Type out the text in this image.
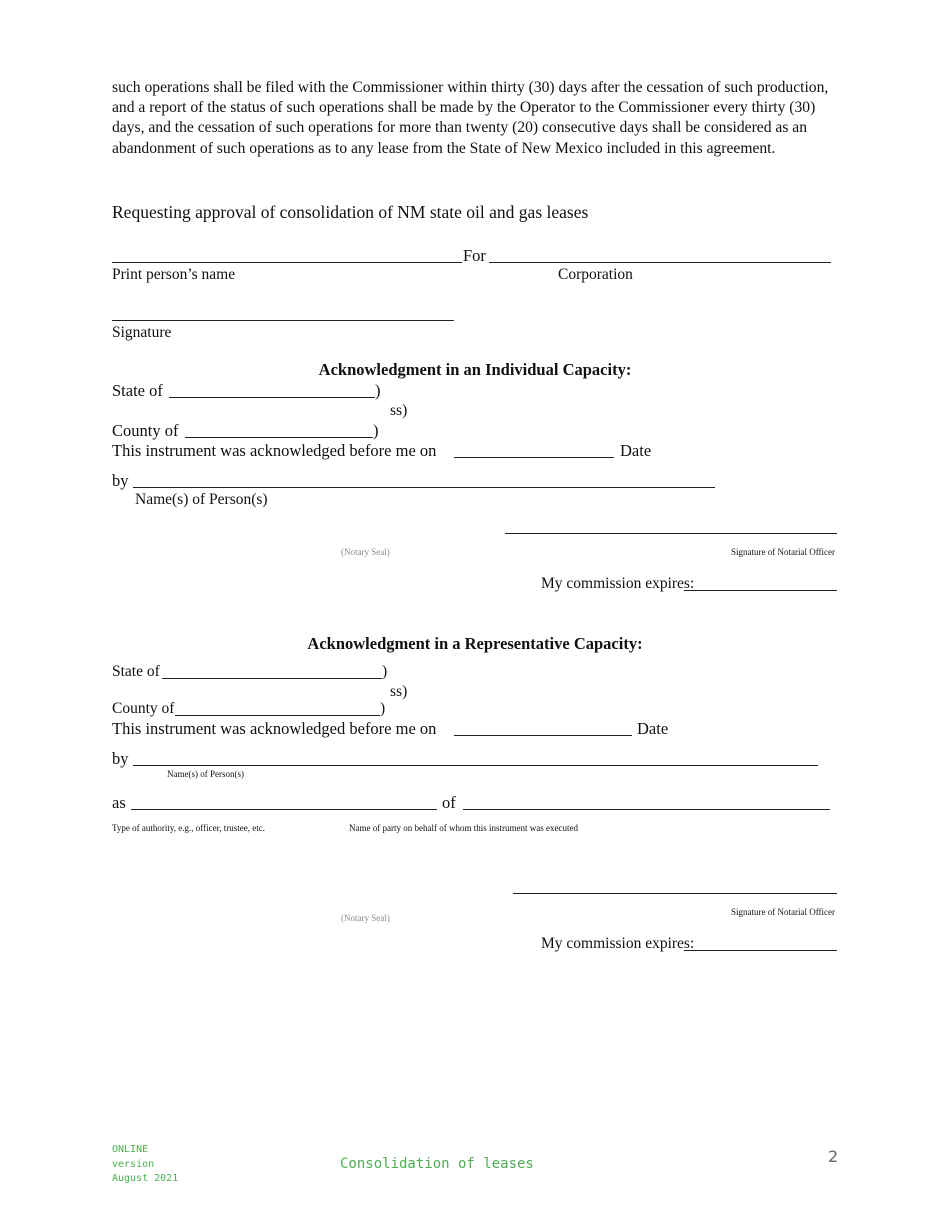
such operations shall be filed with the Commissioner within thirty (30) days after the cessation of such production, and a report of the status of such operations shall be made by the Operator to the Commissioner every thirty (30) days, and the cessation of such operations for more than twenty (20) consecutive days shall be considered as an abandonment of such operations as to any lease from the State of New Mexico included in this agreement.
Requesting approval of consolidation of NM state oil and gas leases
For
Print person’s name	Corporation
Signature
Acknowledgment in an Individual Capacity:
State of	)
ss)
County of	)
This instrument was acknowledged before me on	Date
by
Name(s) of Person(s)
(Notary Seal)	Signature of Notarial Officer
My commission expires:
Acknowledgment in a Representative Capacity:
State of	)
ss)
County of	)
This instrument was acknowledged before me on	Date
by
Name(s) of Person(s)
as	of
Type of authority, e.g., officer, trustee, etc.	Name of party on behalf of whom this instrument was executed
Signature of Notarial Officer
(Notary Seal)
My commission expires:
ONLINE
version
August 2021
Consolidation of leases	2
